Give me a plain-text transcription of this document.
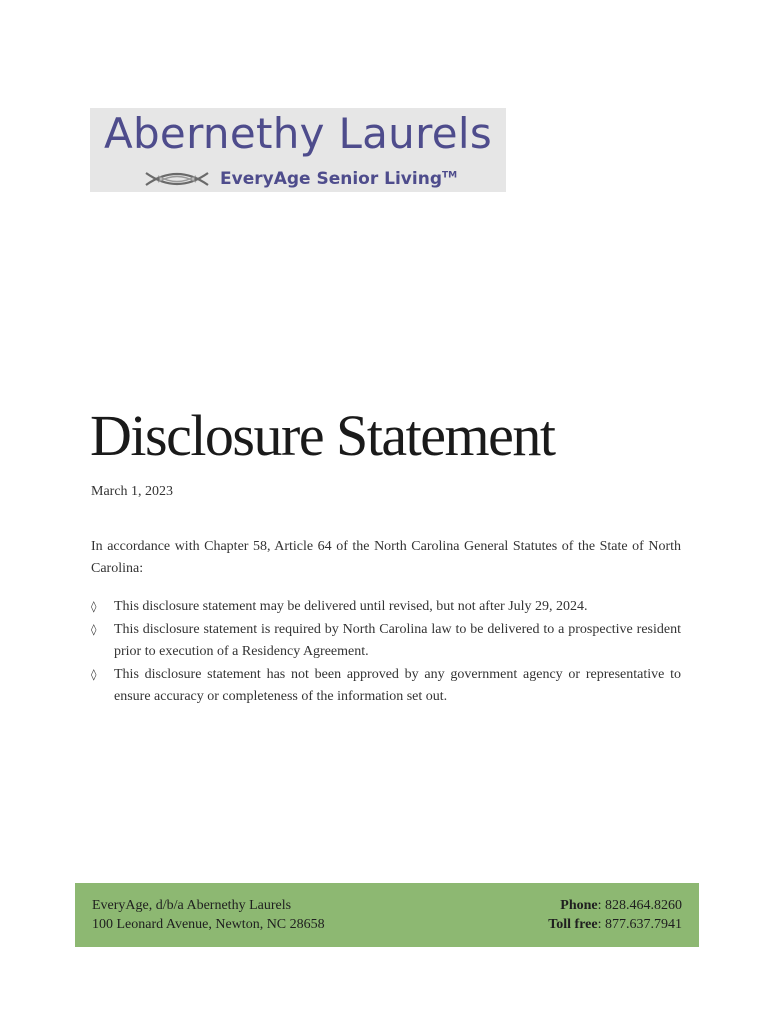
Abernethy Laurels
EveryAge Senior Living™
Disclosure Statement
March 1, 2023

In accordance with Chapter 58, Article 64 of the North Carolina General Statutes of the State of North Carolina:

◊	This disclosure statement may be delivered until revised, but not after July 29, 2024.
◊	This disclosure statement is required by North Carolina law to be delivered to a prospective resident prior to execution of a Residency Agreement.
◊	This disclosure statement has not been approved by any government agency or representative to ensure accuracy or completeness of the information set out.
EveryAge, d/b/a Abernethy Laurels
100 Leonard Avenue, Newton, NC 28658
Phone: 828.464.8260
Toll free: 877.637.7941
